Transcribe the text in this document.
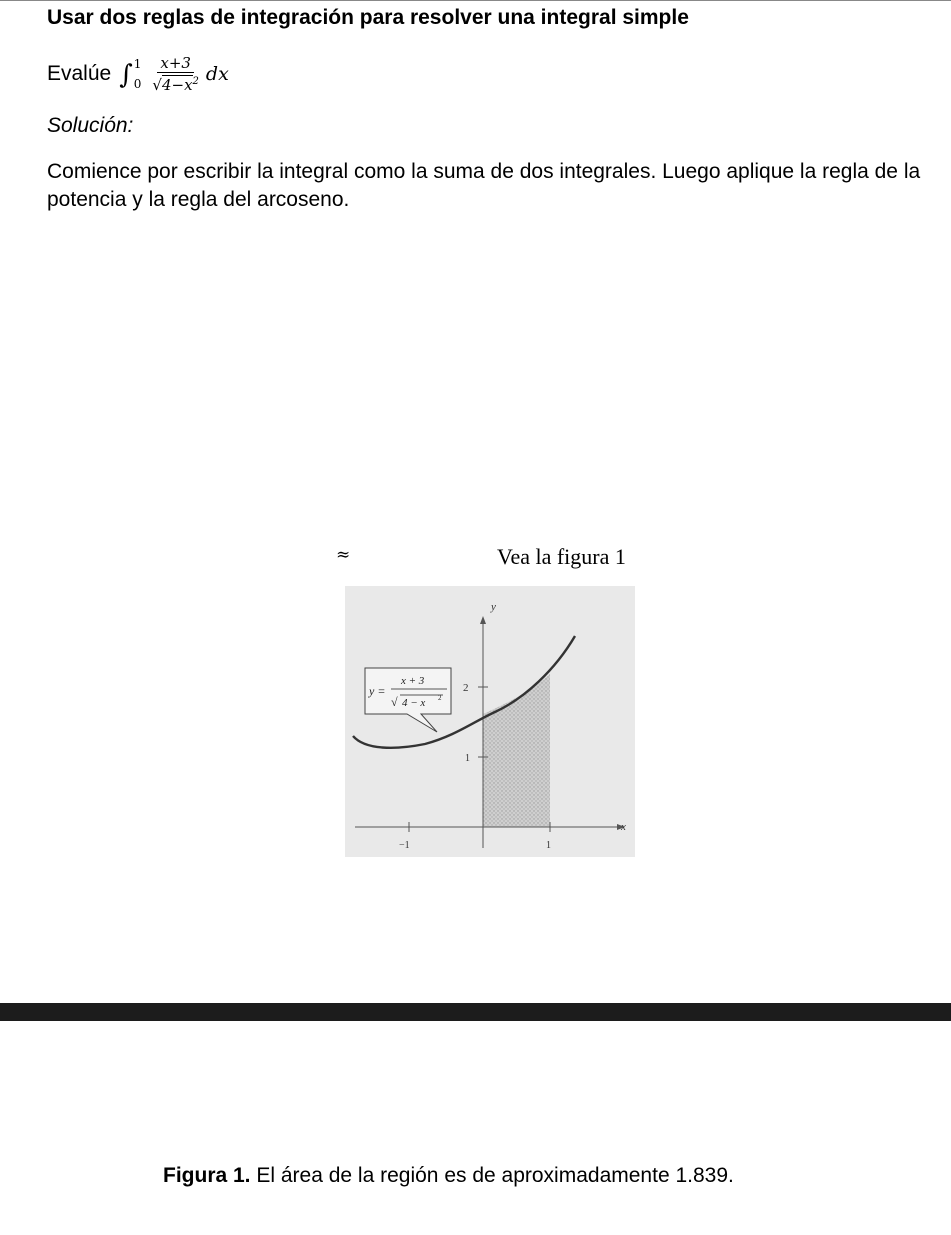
Usar dos reglas de integración para resolver una integral simple
Evalúe ∫ 1
$0 \frac{x+3}{√4-x^2}$ dx
Solución:
Comience por escribir la integral como la suma de dos integrales. Luego aplique la regla de la potencia y la regla del arcoseno.
≈	Vea la figura 1
y
x
2
1
−1	1
y =
x + 3
√ 4 − x 2
Figura 1. El área de la región es de aproximadamente 1.839.
